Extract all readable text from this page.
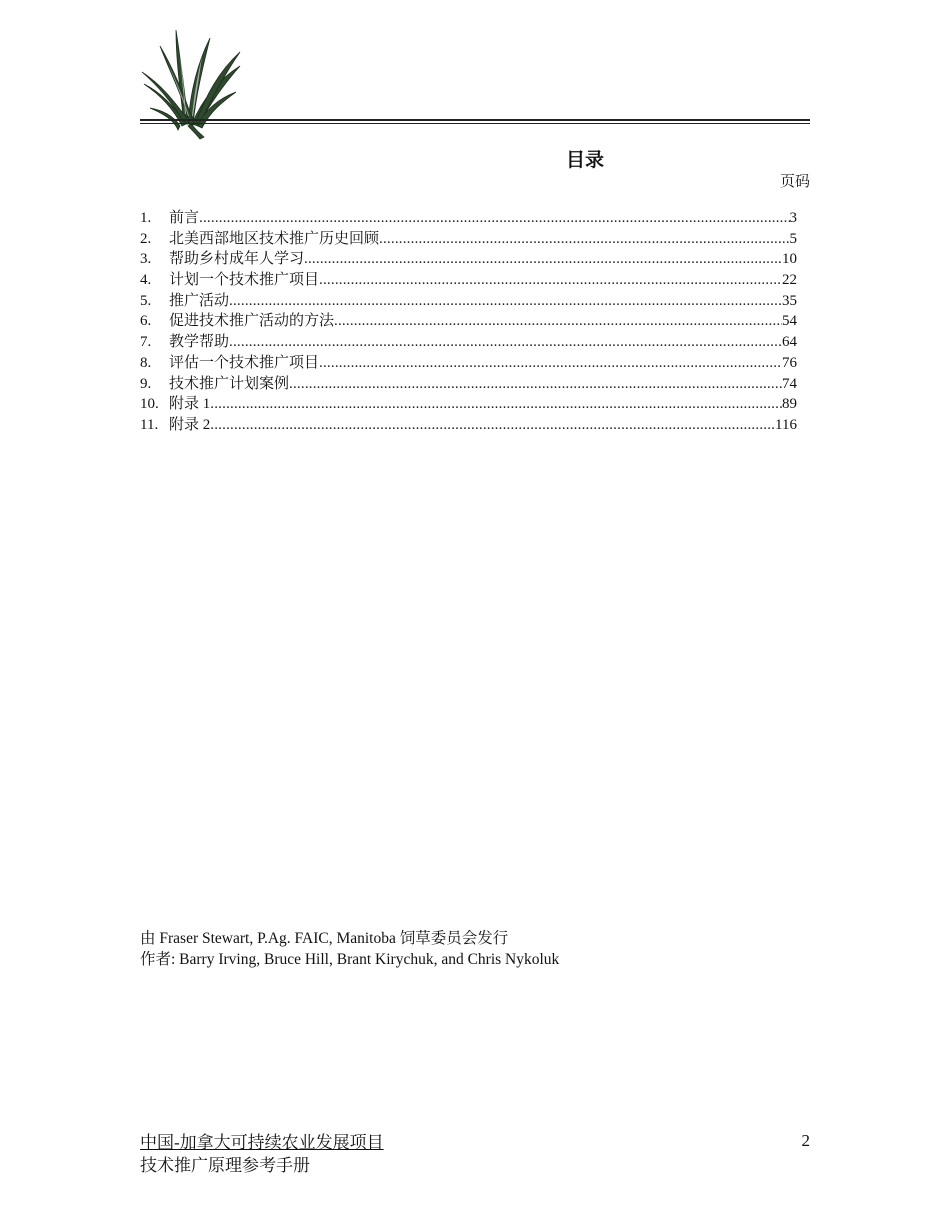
目录
页码
1.	前言 .....	3
2.	北美西部地区技术推广历史回顾 .....	5
3.	帮助乡村成年人学习 .....	10
4.	计划一个技术推广项目 .....	22
5.	推广活动 .....	35
6.	促进技术推广活动的方法 .....	54
7.	教学帮助 .....	64
8.	评估一个技术推广项目 .....	76
9.	技术推广计划案例 .....	74
10. 附录 1 .....	89
11. 附录 2 .....	116
由 Fraser Stewart, P.Ag. FAIC, Manitoba 饲草委员会发行
作者: Barry Irving, Bruce Hill, Brant Kirychuk, and Chris Nykoluk
中国-加拿大可持续农业发展项目
技术推广原理参考手册
2
